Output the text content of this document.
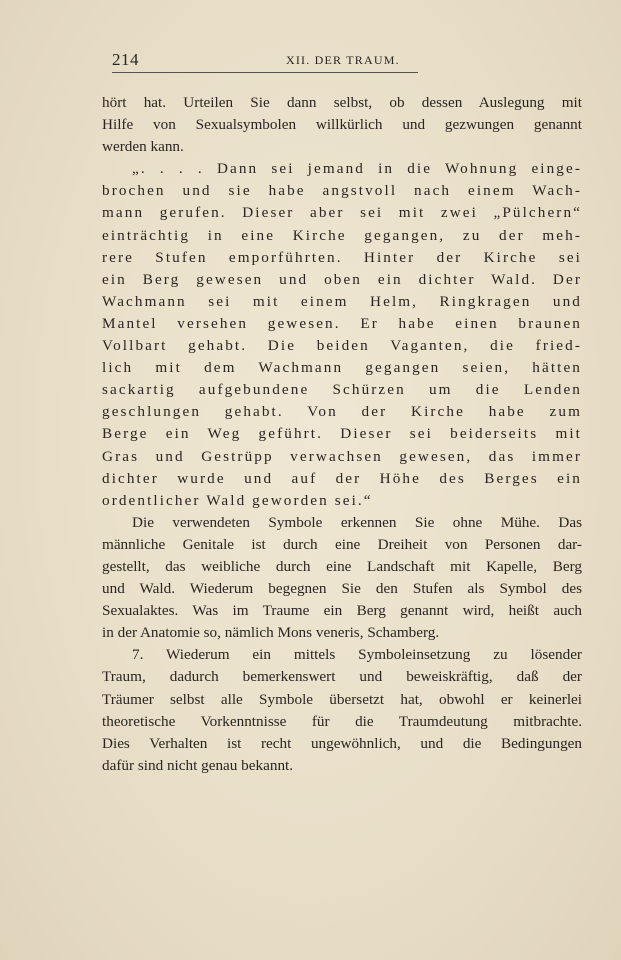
214	XII. DER TRAUM.
hört hat. Urteilen Sie dann selbst, ob dessen Auslegung mit
Hilfe von Sexualsymbolen willkürlich und gezwungen genannt
werden kann.
„. . . . Dann sei jemand in die Wohnung einge-
brochen und sie habe angstvoll nach einem Wach-
mann gerufen. Dieser aber sei mit zwei „Pülchern“
einträchtig in eine Kirche gegangen, zu der meh-
rere Stufen emporführten. Hinter der Kirche sei
ein Berg gewesen und oben ein dichter Wald. Der
Wachmann sei mit einem Helm, Ringkragen und
Mantel versehen gewesen. Er habe einen braunen
Vollbart gehabt. Die beiden Vaganten, die fried-
lich mit dem Wachmann gegangen seien, hätten
sackartig aufgebundene Schürzen um die Lenden
geschlungen gehabt. Von der Kirche habe zum
Berge ein Weg geführt. Dieser sei beiderseits mit
Gras und Gestrüpp verwachsen gewesen, das immer
dichter wurde und auf der Höhe des Berges ein
ordentlicher Wald geworden sei.“
Die verwendeten Symbole erkennen Sie ohne Mühe. Das
männliche Genitale ist durch eine Dreiheit von Personen dar-
gestellt, das weibliche durch eine Landschaft mit Kapelle, Berg
und Wald. Wiederum begegnen Sie den Stufen als Symbol des
Sexualaktes. Was im Traume ein Berg genannt wird, heißt auch
in der Anatomie so, nämlich Mons veneris, Schamberg.
7. Wiederum ein mittels Symboleinsetzung zu lösender
Traum, dadurch bemerkenswert und beweiskräftig, daß der
Träumer selbst alle Symbole übersetzt hat, obwohl er keinerlei
theoretische Vorkenntnisse für die Traumdeutung mitbrachte.
Dies Verhalten ist recht ungewöhnlich, und die Bedingungen
dafür sind nicht genau bekannt.
